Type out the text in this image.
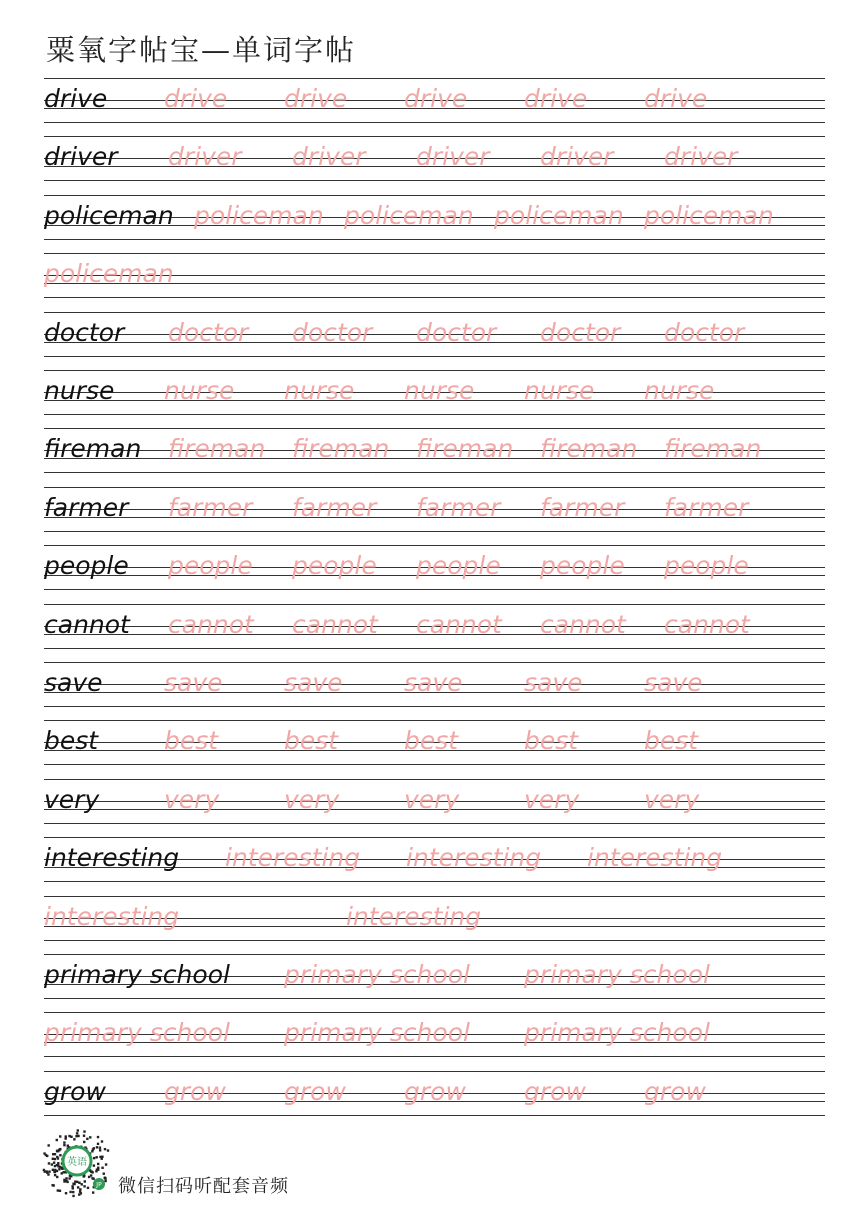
粟氧字帖宝—单词字帖
drive drive drive drive drive drive
driver driver driver driver driver driver
policeman policeman policeman policeman policeman
policeman
doctor doctor doctor doctor doctor doctor
nurse nurse nurse nurse nurse nurse
fireman fireman fireman fireman fireman fireman
farmer farmer farmer farmer farmer farmer
people people people people people people
cannot cannot cannot cannot cannot cannot
save save save save save save
best	best	best	best	best	best
very	very	very	very	very	very
interesting interesting interesting interesting
interesting	interesting
primary school primary school primary school
primary school primary school primary school
grow grow grow grow grow grow
英语
JP 微信扫码听配套音频
